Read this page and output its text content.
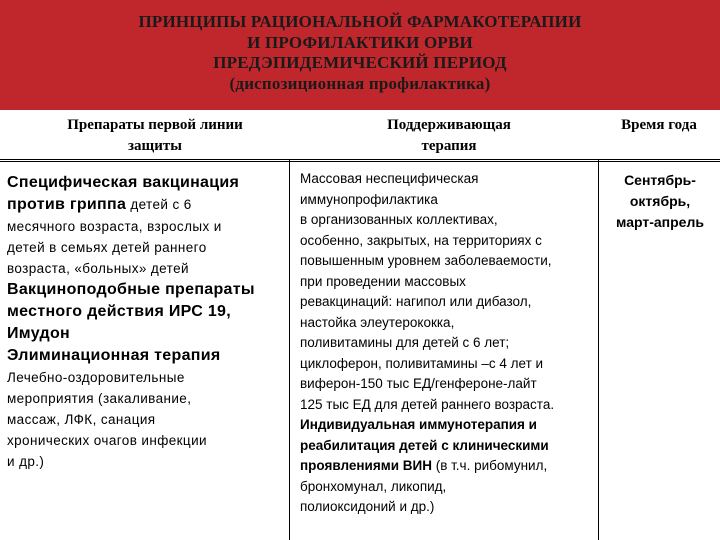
ПРИНЦИПЫ РАЦИОНАЛЬНОЙ ФАРМАКОТЕРАПИИ
И ПРОФИЛАКТИКИ ОРВИ
ПРЕДЭПИДЕМИЧЕСКИЙ ПЕРИОД
(диспозиционная профилактика)
Препараты первой линии
защиты
Поддерживающая
терапия
Время года
Специфическая вакцинация
против гриппа детей с 6
месячного возраста, взрослых и
детей в семьях детей раннего
возраста, «больных» детей
Вакциноподобные препараты
местного действия ИРС 19,
Имудон
Элиминационная терапия
Лечебно-оздоровительные
мероприятия (закаливание,
массаж, ЛФК, санация
хронических очагов инфекции
и др.)
Массовая неспецифическая
иммунопрофилактика
в организованных коллективах,
особенно, закрытых, на территориях с
повышенным уровнем заболеваемости,
при проведении массовых
ревакцинаций: нагипол или дибазол,
настойка элеутерококка,
поливитамины для детей с 6 лет;
циклоферон, поливитамины –с 4 лет и
виферон-150 тыс ЕД/генфероне-лайт
125 тыс ЕД для детей раннего возраста.
Индивидуальная иммунотерапия и
реабилитация детей с клиническими
проявлениями ВИН (в т.ч. рибомунил,
бронхомунал, ликопид,
полиоксидоний и др.)
Сентябрь-
октябрь,
март-апрель
